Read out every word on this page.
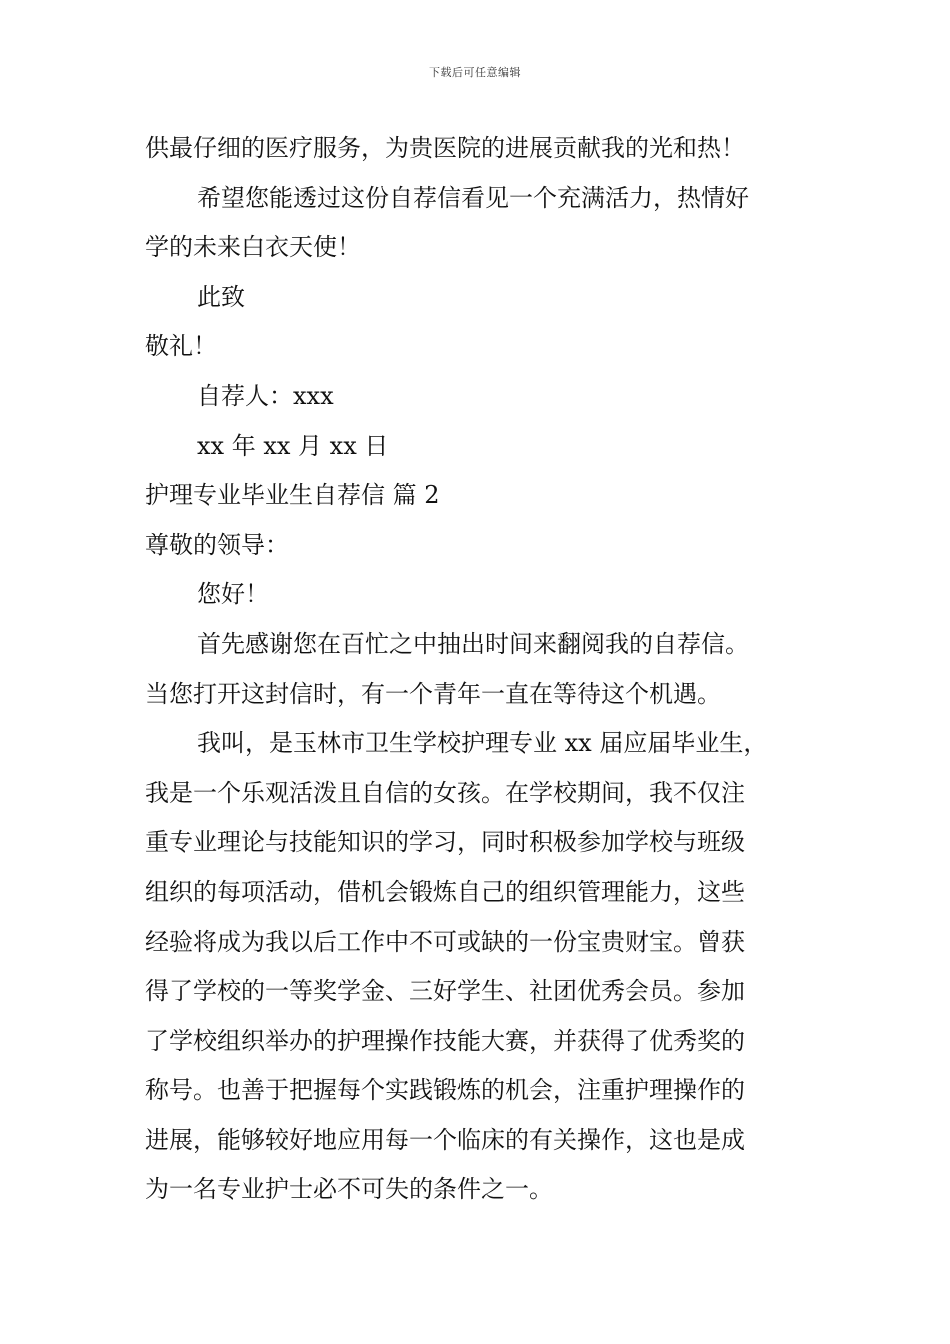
下载后可任意编辑
供最仔细的医疗服务，为贵医院的进展贡献我的光和热！
希望您能透过这份自荐信看见一个充满活力，热情好
学的未来白衣天使！
此致
敬礼！
自荐人：xxx
xx 年 xx 月 xx 日
护理专业毕业生自荐信 篇 2
尊敬的领导：
您好！
首先感谢您在百忙之中抽出时间来翻阅我的自荐信。
当您打开这封信时，有一个青年一直在等待这个机遇。
我叫，是玉林市卫生学校护理专业 xx 届应届毕业生，
我是一个乐观活泼且自信的女孩。在学校期间，我不仅注
重专业理论与技能知识的学习，同时积极参加学校与班级
组织的每项活动，借机会锻炼自己的组织管理能力，这些
经验将成为我以后工作中不可或缺的一份宝贵财宝。曾获
得了学校的一等奖学金、三好学生、社团优秀会员。参加
了学校组织举办的护理操作技能大赛，并获得了优秀奖的
称号。也善于把握每个实践锻炼的机会，注重护理操作的
进展，能够较好地应用每一个临床的有关操作，这也是成
为一名专业护士必不可失的条件之一。
